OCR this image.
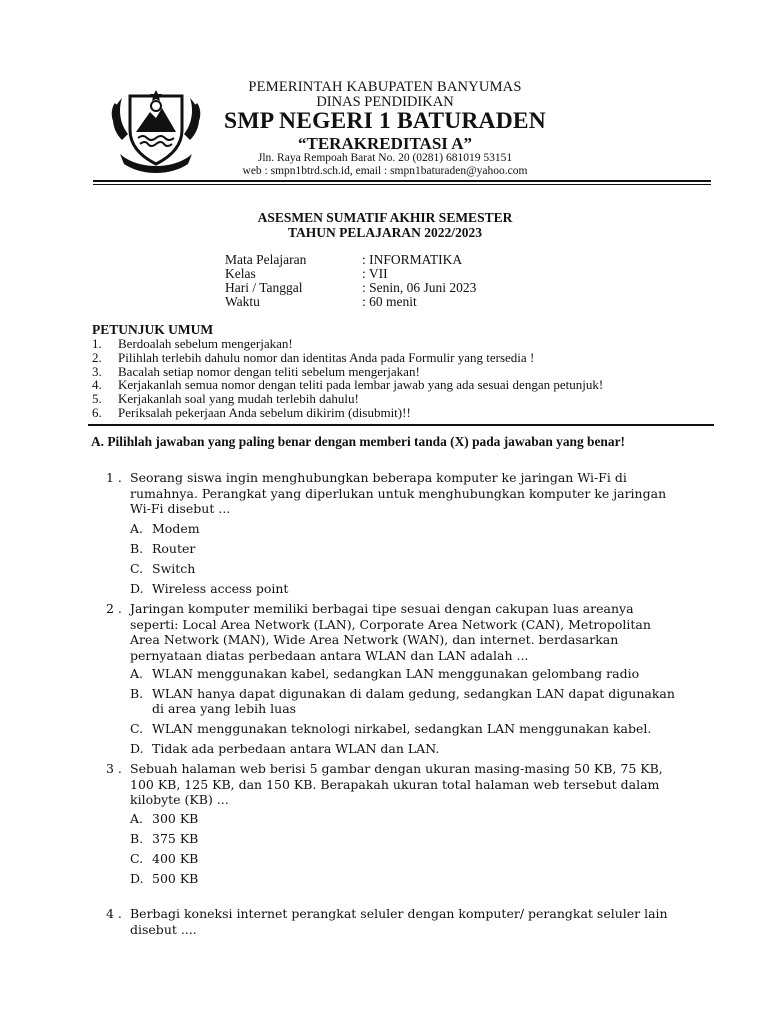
PEMERINTAH KABUPATEN BANYUMAS
DINAS PENDIDIKAN
SMP NEGERI 1 BATURADEN
“TERAKREDITASI A”
Jln. Raya Rempoah Barat No. 20 (0281) 681019 53151
web : smpn1btrd.sch.id, email : smpn1baturaden@yahoo.com
ASESMEN SUMATIF AKHIR SEMESTER
TAHUN PELAJARAN 2022/2023
Mata Pelajaran	: INFORMATIKA
Kelas	: VII
Hari / Tanggal	: Senin, 06 Juni 2023
Waktu	: 60 menit
PETUNJUK UMUM
1. Berdoalah sebelum mengerjakan!
2. Pilihlah terlebih dahulu nomor dan identitas Anda pada Formulir yang tersedia !
3. Bacalah setiap nomor dengan teliti sebelum mengerjakan!
4. Kerjakanlah semua nomor dengan teliti pada lembar jawab yang ada sesuai dengan petunjuk!
5. Kerjakanlah soal yang mudah terlebih dahulu!
6. Periksalah pekerjaan Anda sebelum dikirim (disubmit)!!
A. Pilihlah jawaban yang paling benar dengan memberi tanda (X) pada jawaban yang benar!
1 . Seorang siswa ingin menghubungkan beberapa komputer ke jaringan Wi-Fi di
rumahnya. Perangkat yang diperlukan untuk menghubungkan komputer ke jaringan
Wi-Fi disebut ...
A. Modem
B. Router
C. Switch
D. Wireless access point
2 . Jaringan komputer memiliki berbagai tipe sesuai dengan cakupan luas areanya
seperti: Local Area Network (LAN), Corporate Area Network (CAN), Metropolitan
Area Network (MAN), Wide Area Network (WAN), dan internet. berdasarkan
pernyataan diatas perbedaan antara WLAN dan LAN adalah ...
A. WLAN menggunakan kabel, sedangkan LAN menggunakan gelombang radio
B. WLAN hanya dapat digunakan di dalam gedung, sedangkan LAN dapat digunakan
di area yang lebih luas
C. WLAN menggunakan teknologi nirkabel, sedangkan LAN menggunakan kabel.
D. Tidak ada perbedaan antara WLAN dan LAN.
3 . Sebuah halaman web berisi 5 gambar dengan ukuran masing-masing 50 KB, 75 KB,
100 KB, 125 KB, dan 150 KB. Berapakah ukuran total halaman web tersebut dalam
kilobyte (KB) ...
A. 300 KB
B. 375 KB
C. 400 KB
D. 500 KB
4 . Berbagi koneksi internet perangkat seluler dengan komputer/ perangkat seluler lain
disebut ....
